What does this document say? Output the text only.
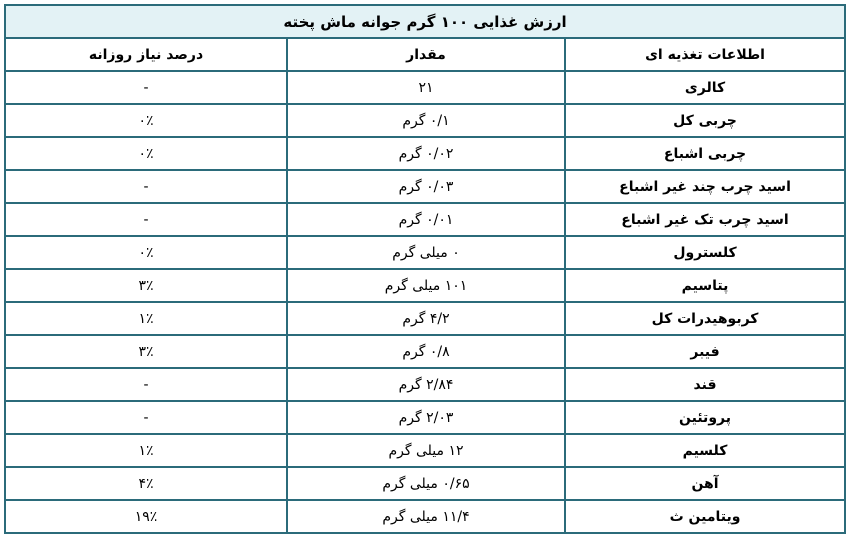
ارزش غذایی ۱۰۰ گرم جوانه ماش پخته		
اطلاعات تغذیه ای	مقدار	درصد نیاز روزانه
کالری	۲۱	-
چربی کل	۰/۱ گرم	۰٪
چربی اشباع	۰/۰۲ گرم	۰٪
اسید چرب چند غیر اشباع	۰/۰۳ گرم	-
اسید چرب تک غیر اشباع	۰/۰۱ گرم	-
کلسترول	۰ میلی گرم	۰٪
پتاسیم	۱۰۱ میلی گرم	۳٪
کربوهیدرات کل	۴/۲ گرم	۱٪
فیبر	۰/۸ گرم	۳٪
قند	۲/۸۴ گرم	-
پروتئین	۲/۰۳ گرم	-
کلسیم	۱۲ میلی گرم	۱٪
آهن	۰/۶۵ میلی گرم	۴٪
ویتامین ث	۱۱/۴ میلی گرم	۱۹٪
